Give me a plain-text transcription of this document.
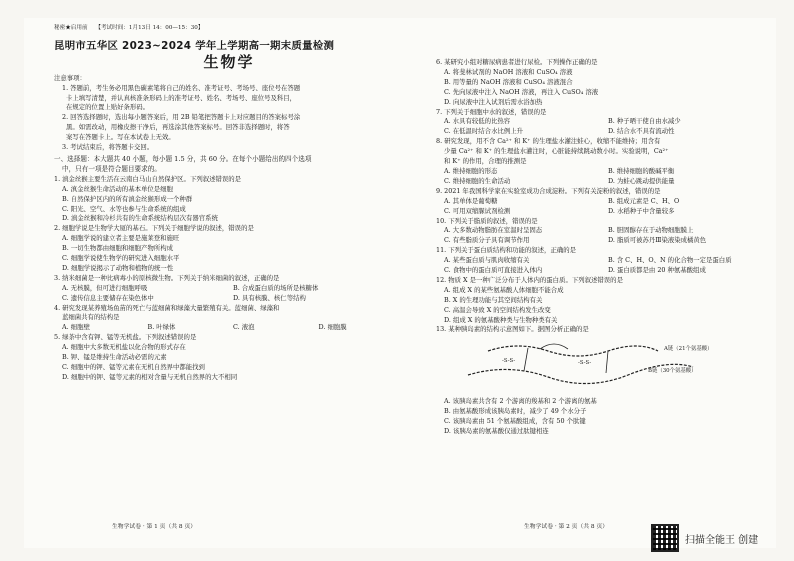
秘密★启用前 【考试时间：1月13日 14：00—15：30】
昆明市五华区 2023~2024 学年上学期高一期末质量检测
生物学
注意事项：
1. 答题前，考生务必用黑色碳素笔将自己的姓名、准考证号、考场号、座位号在答题
卡上填写清楚，并认真核准条形码上的准考证号、姓名、考场号、座位号及科目，
在规定的位置上贴好条形码。
2. 回答选择题时，选出每小题答案后，用 2B 铅笔把答题卡上对应题目的答案标号涂
黑。如需改动，用橡皮擦干净后，再选涂其他答案标号。回答非选择题时，将答
案写在答题卡上。写在本试卷上无效。
3. 考试结束后，将答题卡交回。
一、选择题：本大题共 40 小题，每小题 1.5 分，共 60 分。在每个小题给出的四个选项
中，只有一项是符合题目要求的。
1. 滇金丝猴主要生活在云南白马山自然保护区。下列叙述错误的是
A. 滇金丝猴生命活动的基本单位是细胞
B. 自然保护区内的所有滇金丝猴形成一个种群
C. 阳光、空气、水等也参与生命系统的组成
D. 滇金丝猴和冷杉共有的生命系统结构层次有器官系统
2. 细胞学说是生物学大厦的基石。下列关于细胞学说的叙述，错误的是
A. 细胞学说的建立者主要是施莱登和施旺
B. 一切生物都由细胞和细胞产物所构成
C. 细胞学说使生物学的研究进入细胞水平
D. 细胞学说揭示了动物和植物的统一性
3. 纳米细菌是一种比病毒小的原核微生物。下列关于纳米细菌的叙述，正确的是
A. 无核膜，但可进行细胞呼吸	B. 合成蛋白质的场所是核糖体
C. 遗传信息主要储存在染色体中	D. 具有核膜、核仁等结构
4. 研究发现某养殖场鱼苗的死亡与蓝细菌和绿藻大量繁殖有关。蓝细菌、绿藻和
蓝细菌共有的结构是
A. 细胞壁	B. 叶绿体	C. 液泡	D. 细胞膜
5. 绿茶中含有钾、锰等无机盐。下列叙述错误的是
A. 细胞中大多数无机盐以化合物的形式存在
B. 钾、锰是维持生命活动必需的元素
C. 细胞中的钾、锰等元素在无机自然界中都能找到
D. 细胞中的钾、锰等元素的相对含量与无机自然界的大不相同
6. 某研究小组对糖尿病患者进行尿检。下列操作正确的是
A. 将斐林试剂的 NaOH 溶液和 CuSO₄ 溶液
B. 用等量的 NaOH 溶液和 CuSO₄ 溶液混合
C. 先向尿液中注入 NaOH 溶液，再注入 CuSO₄ 溶液
D. 向尿液中注入试剂后需水浴加热
7. 下列关于细胞中水的叙述，错误的是
A. 水具有较低的比热容	B. 种子晒干使自由水减少
C. 在低温时结合水比例上升	D. 结合水不具有流动性
8. 研究发现，用不含 Ca²⁺ 和 K⁺ 的生理盐水灌注蛙心，收缩不能维持；用含有
少量 Ca²⁺ 和 K⁺ 的生理盐水灌注时，心脏能持续跳动数小时。实验说明，Ca²⁺
和 K⁺ 的作用，合理的推测是
A. 维持细胞的形态	B. 维持细胞的酸碱平衡
C. 维持细胞的生命活动	D. 为蛙心跳动提供能量
9. 2021 年我国科学家在实验室成功合成淀粉。下列有关淀粉的叙述，错误的是
A. 其单体是葡萄糖	B. 组成元素是 C、H、O
C. 可用双缩脲试剂检测	D. 水稻种子中含量较多
10. 下列关于脂质的叙述，错误的是
A. 大多数动物脂肪在室温时呈固态	B. 胆固醇存在于动物细胞膜上
C. 有些脂质分子具有调节作用	D. 脂质可被苏丹Ⅲ染液染成橘黄色
11. 下列关于蛋白质结构和功能的叙述，正确的是
A. 某些蛋白质与肌肉收缩有关	B. 含 C、H、O、N 的化合物一定是蛋白质
C. 食物中的蛋白质可直接进入体内	D. 蛋白质都是由 20 种氨基酸组成
12. 物质 X 是一种广泛分布于人体内的蛋白质。下列叙述错误的是
A. 组成 X 的某些氨基酸人体细胞不能合成
B. X 的生理功能与其空间结构有关
C. 高温会导致 X 的空间结构发生改变
D. 组成 X 的氨基酸种类与生物种类有关
13. 某种胰岛素的结构示意图如下。据图分析正确的是
A链（21个氨基酸）
B链（30个氨基酸）
-S-S-	-S-S-
A. 该胰岛素共含有 2 个游离的羧基和 2 个游离的氨基
B. 由氨基酸形成该胰岛素时，减少了 49 个水分子
C. 该胰岛素由 51 个氨基酸组成，含有 50 个肽键
D. 该胰岛素的氨基酸仅通过肽键相连
生物学试卷 · 第 1 页（共 8 页）	生物学试卷 · 第 2 页（共 8 页）
扫描全能王 创建
